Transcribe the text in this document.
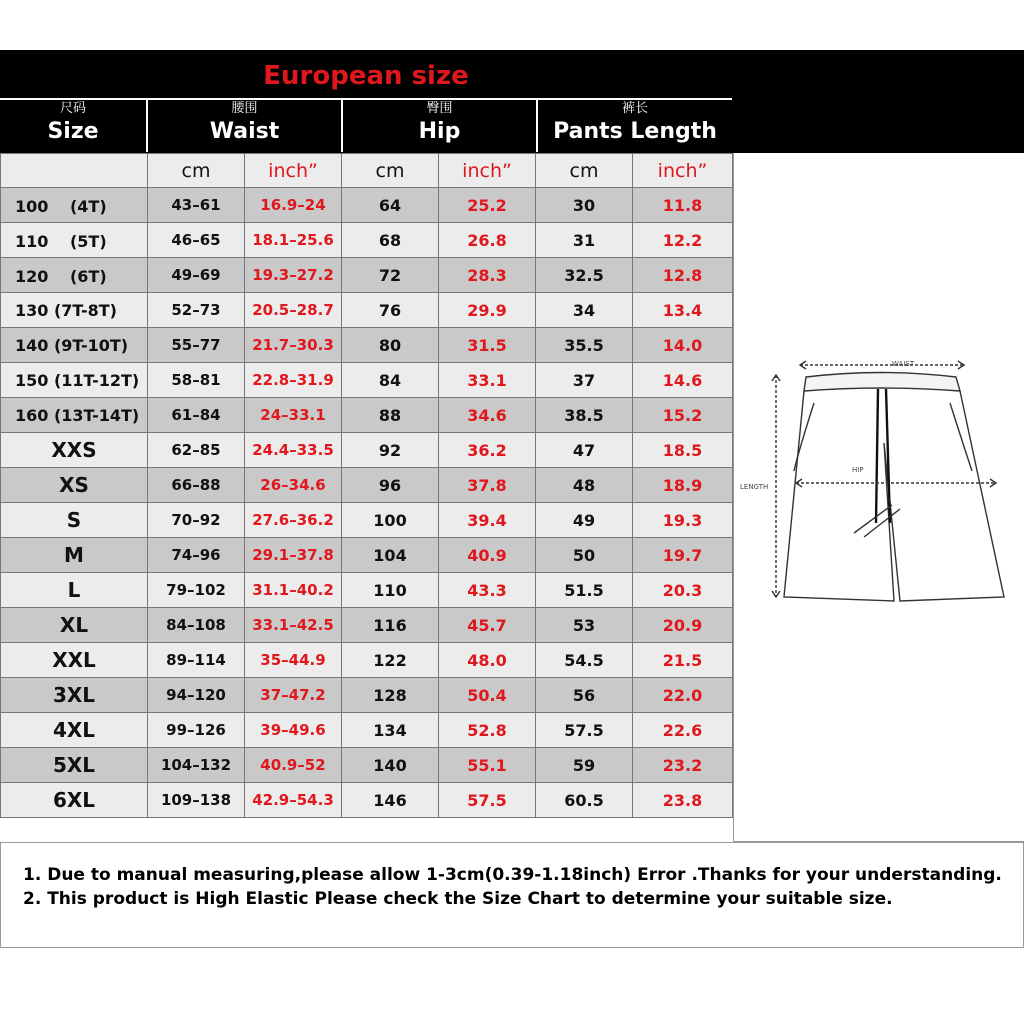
European size
尺码
Size
腰围
Waist
臀围
Hip
裤长
Pants Length
	cm	inch”	cm	inch”	cm	inch”
100 　(4T)	43–61	16.9–24	64	25.2	30	11.8
110 　(5T)	46–65	18.1–25.6	68	26.8	31	12.2
120 　(6T)	49–69	19.3–27.2	72	28.3	32.5	12.8
130 (7T-8T)	52–73	20.5–28.7	76	29.9	34	13.4
140 (9T-10T)	55–77	21.7–30.3	80	31.5	35.5	14.0
150 (11T-12T)	58–81	22.8–31.9	84	33.1	37	14.6
160 (13T-14T)	61–84	24–33.1	88	34.6	38.5	15.2
XXS	62–85	24.4–33.5	92	36.2	47	18.5
XS	66–88	26–34.6	96	37.8	48	18.9
S	70–92	27.6–36.2	100	39.4	49	19.3
M	74–96	29.1–37.8	104	40.9	50	19.7
L	79–102	31.1–40.2	110	43.3	51.5	20.3
XL	84–108	33.1–42.5	116	45.7	53	20.9
XXL	89–114	35–44.9	122	48.0	54.5	21.5
3XL	94–120	37–47.2	128	50.4	56	22.0
4XL	99–126	39–49.6	134	52.8	57.5	22.6
5XL	104–132	40.9–52	140	55.1	59	23.2
6XL	109–138	42.9–54.3	146	57.5	60.5	23.8
WAIST
HIP
LENGTH
1. Due to manual measuring,please allow 1-3cm(0.39-1.18inch) Error .Thanks for your understanding.
2. This product is High Elastic Please check the Size Chart to determine your suitable size.
